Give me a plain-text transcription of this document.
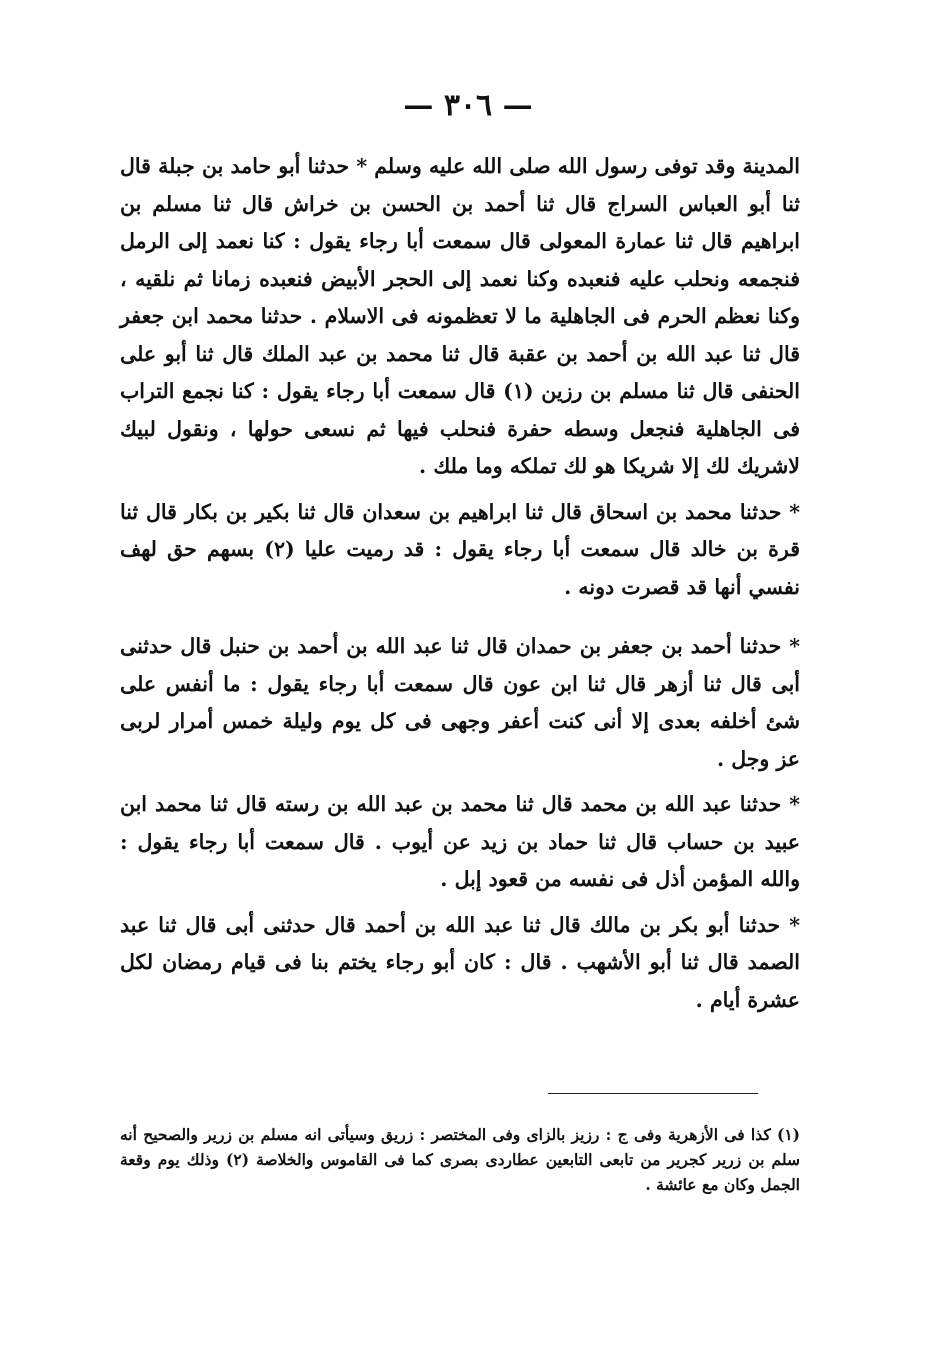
— ٣٠٦ —

المدينة وقد توفى رسول الله صلى الله عليه وسلم * حدثنا أبو حامد بن جبلة قال ثنا أبو العباس السراج قال ثنا أحمد بن الحسن بن خراش قال ثنا مسلم بن ابراهيم قال ثنا عمارة المعولى قال سمعت أبا رجاء يقول : كنا نعمد إلى الرمل فنجمعه ونحلب عليه فنعبده وكنا نعمد إلى الحجر الأبيض فنعبده زمانا ثم نلقيه ، وكنا نعظم الحرم فى الجاهلية ما لا تعظمونه فى الاسلام . حدثنا محمد ابن جعفر قال ثنا عبد الله بن أحمد بن عقبة قال ثنا محمد بن عبد الملك قال ثنا أبو على الحنفى قال ثنا مسلم بن رزين (١) قال سمعت أبا رجاء يقول : كنا نجمع التراب فى الجاهلية فنجعل وسطه حفرة فنحلب فيها ثم نسعى حولها ، ونقول لبيك لاشريك لك إلا شريكا هو لك تملكه وما ملك .

* حدثنا محمد بن اسحاق قال ثنا ابراهيم بن سعدان قال ثنا بكير بن بكار قال ثنا قرة بن خالد قال سمعت أبا رجاء يقول : قد رميت عليا (٢) بسهم حق لهف نفسي أنها قد قصرت دونه .

* حدثنا أحمد بن جعفر بن حمدان قال ثنا عبد الله بن أحمد بن حنبل قال حدثنى أبى قال ثنا أزهر قال ثنا ابن عون قال سمعت أبا رجاء يقول : ما أنفس على شئ أخلفه بعدى إلا أنى كنت أعفر وجهى فى كل يوم وليلة خمس أمرار لربى عز وجل .

* حدثنا عبد الله بن محمد قال ثنا محمد بن عبد الله بن رسته قال ثنا محمد ابن عبيد بن حساب قال ثنا حماد بن زيد عن أيوب . قال سمعت أبا رجاء يقول : والله المؤمن أذل فى نفسه من قعود إبل .

* حدثنا أبو بكر بن مالك قال ثنا عبد الله بن أحمد قال حدثنى أبى قال ثنا عبد الصمد قال ثنا أبو الأشهب . قال : كان أبو رجاء يختم بنا فى قيام رمضان لكل عشرة أيام .

(١) كذا فى الأزهرية وفى ج : رزيز بالزاى وفى المختصر : زريق وسيأتى انه مسلم بن زرير والصحيح أنه سلم بن زرير كجرير من تابعى التابعين عطاردى بصرى كما فى القاموس والخلاصة (٢) وذلك يوم وقعة الجمل وكان مع عائشة .
